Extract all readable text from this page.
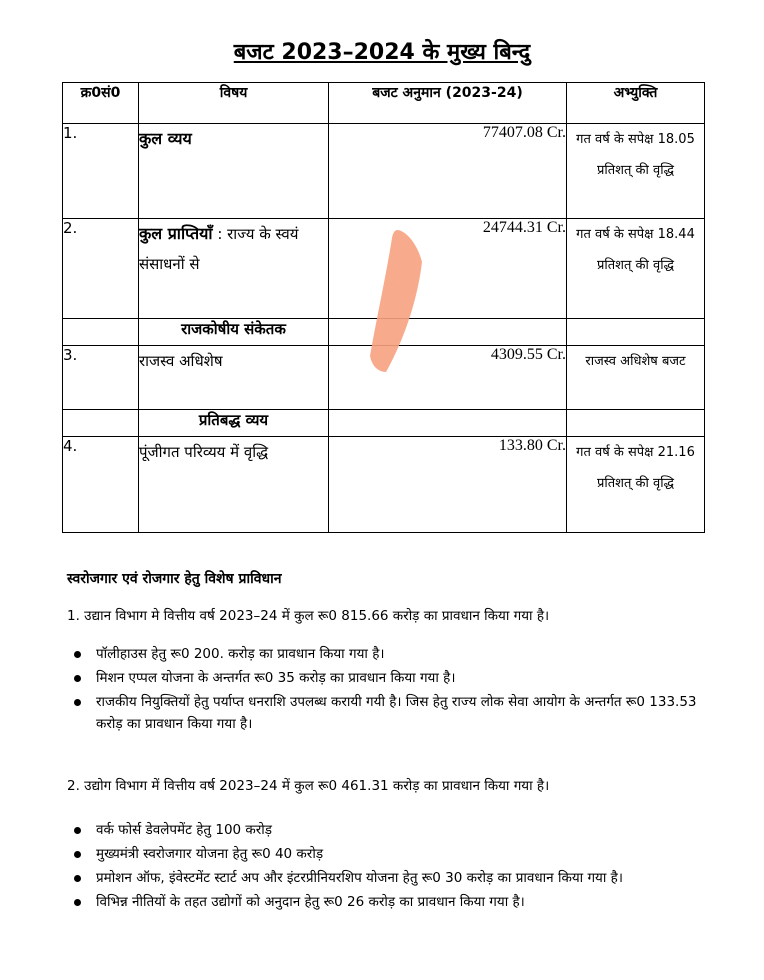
बजट 2023–2024 के मुख्य बिन्दु
क्र0सं0	विषय	बजट अनुमान (2023-24)	अभ्युक्ति
1.	कुल व्यय	77407.08 Cr.	गत वर्ष के सपेक्ष 18.05 प्रतिशत् की वृद्धि
2.	कुल प्राप्तियाँ : राज्य के स्वयं संसाधनों से	24744.31 Cr.	गत वर्ष के सपेक्ष 18.44 प्रतिशत् की वृद्धि
	राजकोषीय संकेतक		
3.	राजस्व अधिशेष	4309.55 Cr.	राजस्व अधिशेष बजट
	प्रतिबद्ध व्यय		
4.	पूंजीगत परिव्यय में वृद्धि	133.80 Cr.	गत वर्ष के सपेक्ष 21.16 प्रतिशत् की वृद्धि
स्वरोजगार एवं रोजगार हेतु विशेष प्राविधान
1. उद्यान विभाग मे वित्तीय वर्ष 2023–24 में कुल रू0 815.66 करोड़ का प्रावधान किया गया है।
पॉलीहाउस हेतु रू0 200. करोड़ का प्रावधान किया गया है।
मिशन एप्पल योजना के अन्तर्गत रू0 35 करोड़ का प्रावधान किया गया है।
राजकीय नियुक्तियों हेतु पर्याप्त धनराशि उपलब्ध करायी गयी है। जिस हेतु राज्य लोक सेवा आयोग के अन्तर्गत रू0 133.53 करोड़ का प्रावधान किया गया है।
2. उद्योग विभाग में वित्तीय वर्ष 2023–24 में कुल रू0 461.31 करोड़ का प्रावधान किया गया है।
वर्क फोर्स डेवलेपमेंट हेतु 100 करोड़
मुख्यमंत्री स्वरोजगार योजना हेतु रू0 40 करोड़
प्रमोशन ऑफ, इंवेस्टमेंट स्टार्ट अप और इंटरप्रीनियरशिप योजना हेतु रू0 30 करोड़ का प्रावधान किया गया है।
विभिन्न नीतियों के तहत उद्योगों को अनुदान हेतु रू0 26 करोड़ का प्रावधान किया गया है।
